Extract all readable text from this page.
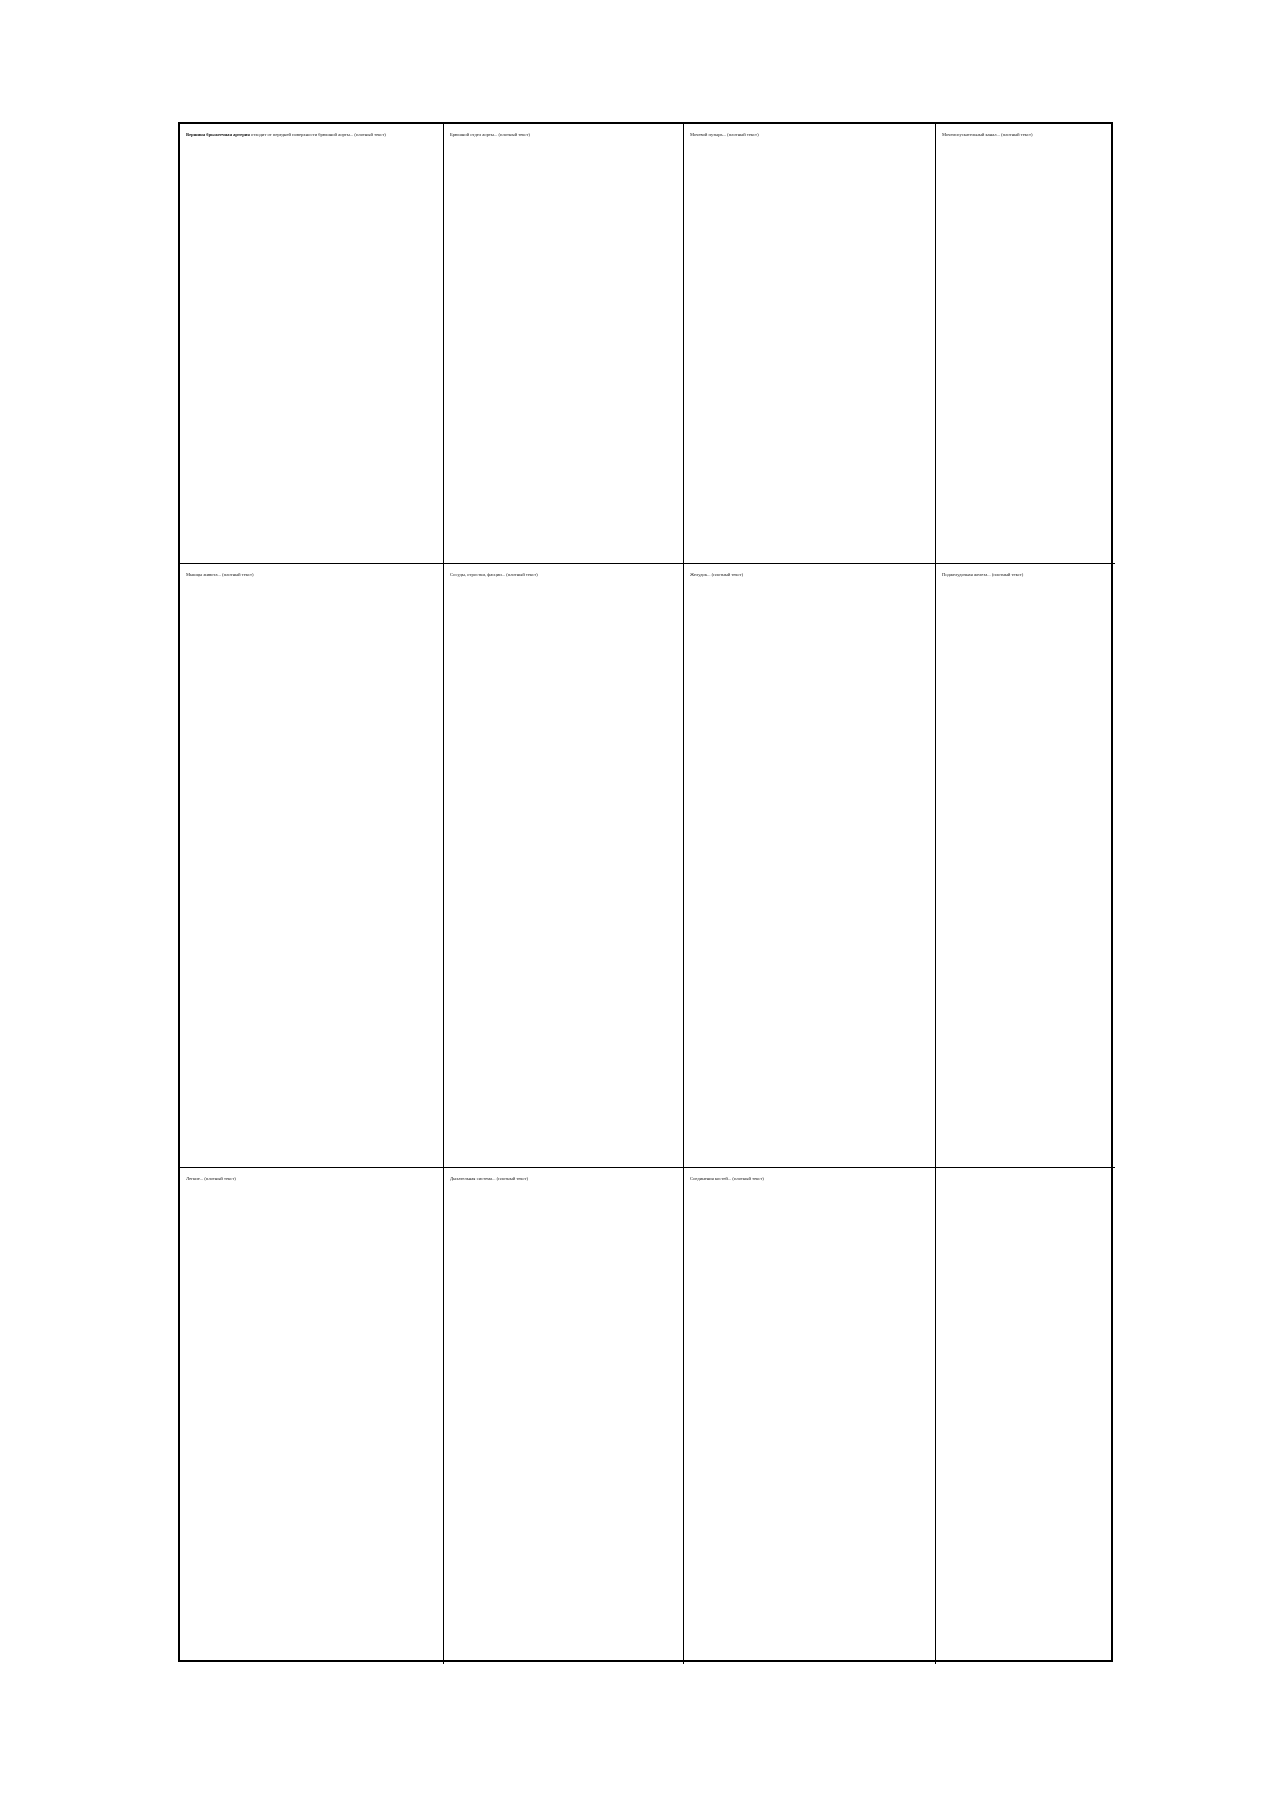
Вершина брыжеечная артерия отходит от передней поверхности брюшной аорты... (плотный текст)	Брюшной отдел аорты... (плотный текст)	Мочевой пузырь... (плотный текст)	Мочеиспускательный канал... (плотный текст)
Мышцы живота... (плотный текст)	Сосуды, отростки, фасции... (плотный текст)	Желудок... (плотный текст)	Поджелудочная железа... (плотный текст)
Легкие... (плотный текст)	Дыхательная система... (плотный текст)	Соединения костей... (плотный текст)
